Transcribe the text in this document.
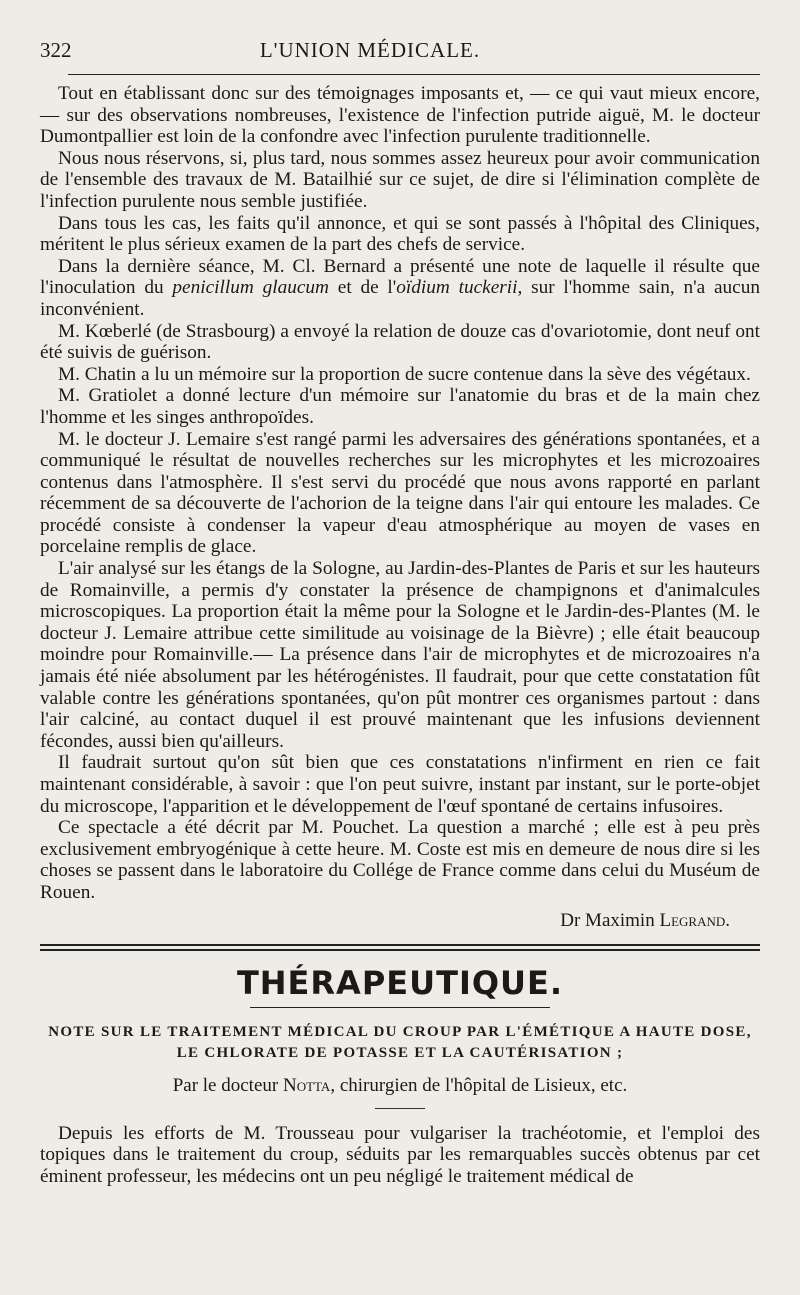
322	L'UNION MÉDICALE.

Tout en établissant donc sur des témoignages imposants et, — ce qui vaut mieux encore, — sur des observations nombreuses, l'existence de l'infection putride aiguë, M. le docteur Dumontpallier est loin de la confondre avec l'infection purulente traditionnelle.

Nous nous réservons, si, plus tard, nous sommes assez heureux pour avoir communication de l'ensemble des travaux de M. Batailhié sur ce sujet, de dire si l'élimination complète de l'infection purulente nous semble justifiée.

Dans tous les cas, les faits qu'il annonce, et qui se sont passés à l'hôpital des Cliniques, méritent le plus sérieux examen de la part des chefs de service.

Dans la dernière séance, M. Cl. Bernard a présenté une note de laquelle il résulte que l'inoculation du penicillum glaucum et de l'oïdium tuckerii, sur l'homme sain, n'a aucun inconvénient.

M. Kœberlé (de Strasbourg) a envoyé la relation de douze cas d'ovariotomie, dont neuf ont été suivis de guérison.

M. Chatin a lu un mémoire sur la proportion de sucre contenue dans la sève des végétaux.

M. Gratiolet a donné lecture d'un mémoire sur l'anatomie du bras et de la main chez l'homme et les singes anthropoïdes.

M. le docteur J. Lemaire s'est rangé parmi les adversaires des générations spontanées, et a communiqué le résultat de nouvelles recherches sur les microphytes et les microzoaires contenus dans l'atmosphère. Il s'est servi du procédé que nous avons rapporté en parlant récemment de sa découverte de l'achorion de la teigne dans l'air qui entoure les malades. Ce procédé consiste à condenser la vapeur d'eau atmosphérique au moyen de vases en porcelaine remplis de glace.

L'air analysé sur les étangs de la Sologne, au Jardin-des-Plantes de Paris et sur les hauteurs de Romainville, a permis d'y constater la présence de champignons et d'animalcules microscopiques. La proportion était la même pour la Sologne et le Jardin-des-Plantes (M. le docteur J. Lemaire attribue cette similitude au voisinage de la Bièvre) ; elle était beaucoup moindre pour Romainville.— La présence dans l'air de microphytes et de microzoaires n'a jamais été niée absolument par les hétérogénistes. Il faudrait, pour que cette constatation fût valable contre les générations spontanées, qu'on pût montrer ces organismes partout : dans l'air calciné, au contact duquel il est prouvé maintenant que les infusions deviennent fécondes, aussi bien qu'ailleurs.

Il faudrait surtout qu'on sût bien que ces constatations n'infirment en rien ce fait maintenant considérable, à savoir : que l'on peut suivre, instant par instant, sur le porte-objet du microscope, l'apparition et le développement de l'œuf spontané de certains infusoires.

Ce spectacle a été décrit par M. Pouchet. La question a marché ; elle est à peu près exclusivement embryogénique à cette heure. M. Coste est mis en demeure de nous dire si les choses se passent dans le laboratoire du Collége de France comme dans celui du Muséum de Rouen.

Dr Maximin Legrand.
THÉRAPEUTIQUE.
NOTE SUR LE TRAITEMENT MÉDICAL DU CROUP PAR L'ÉMÉTIQUE A HAUTE DOSE,
LE CHLORATE DE POTASSE ET LA CAUTÉRISATION ;
Par le docteur Notta, chirurgien de l'hôpital de Lisieux, etc.

Depuis les efforts de M. Trousseau pour vulgariser la trachéotomie, et l'emploi des topiques dans le traitement du croup, séduits par les remarquables succès obtenus par cet éminent professeur, les médecins ont un peu négligé le traitement médical de
